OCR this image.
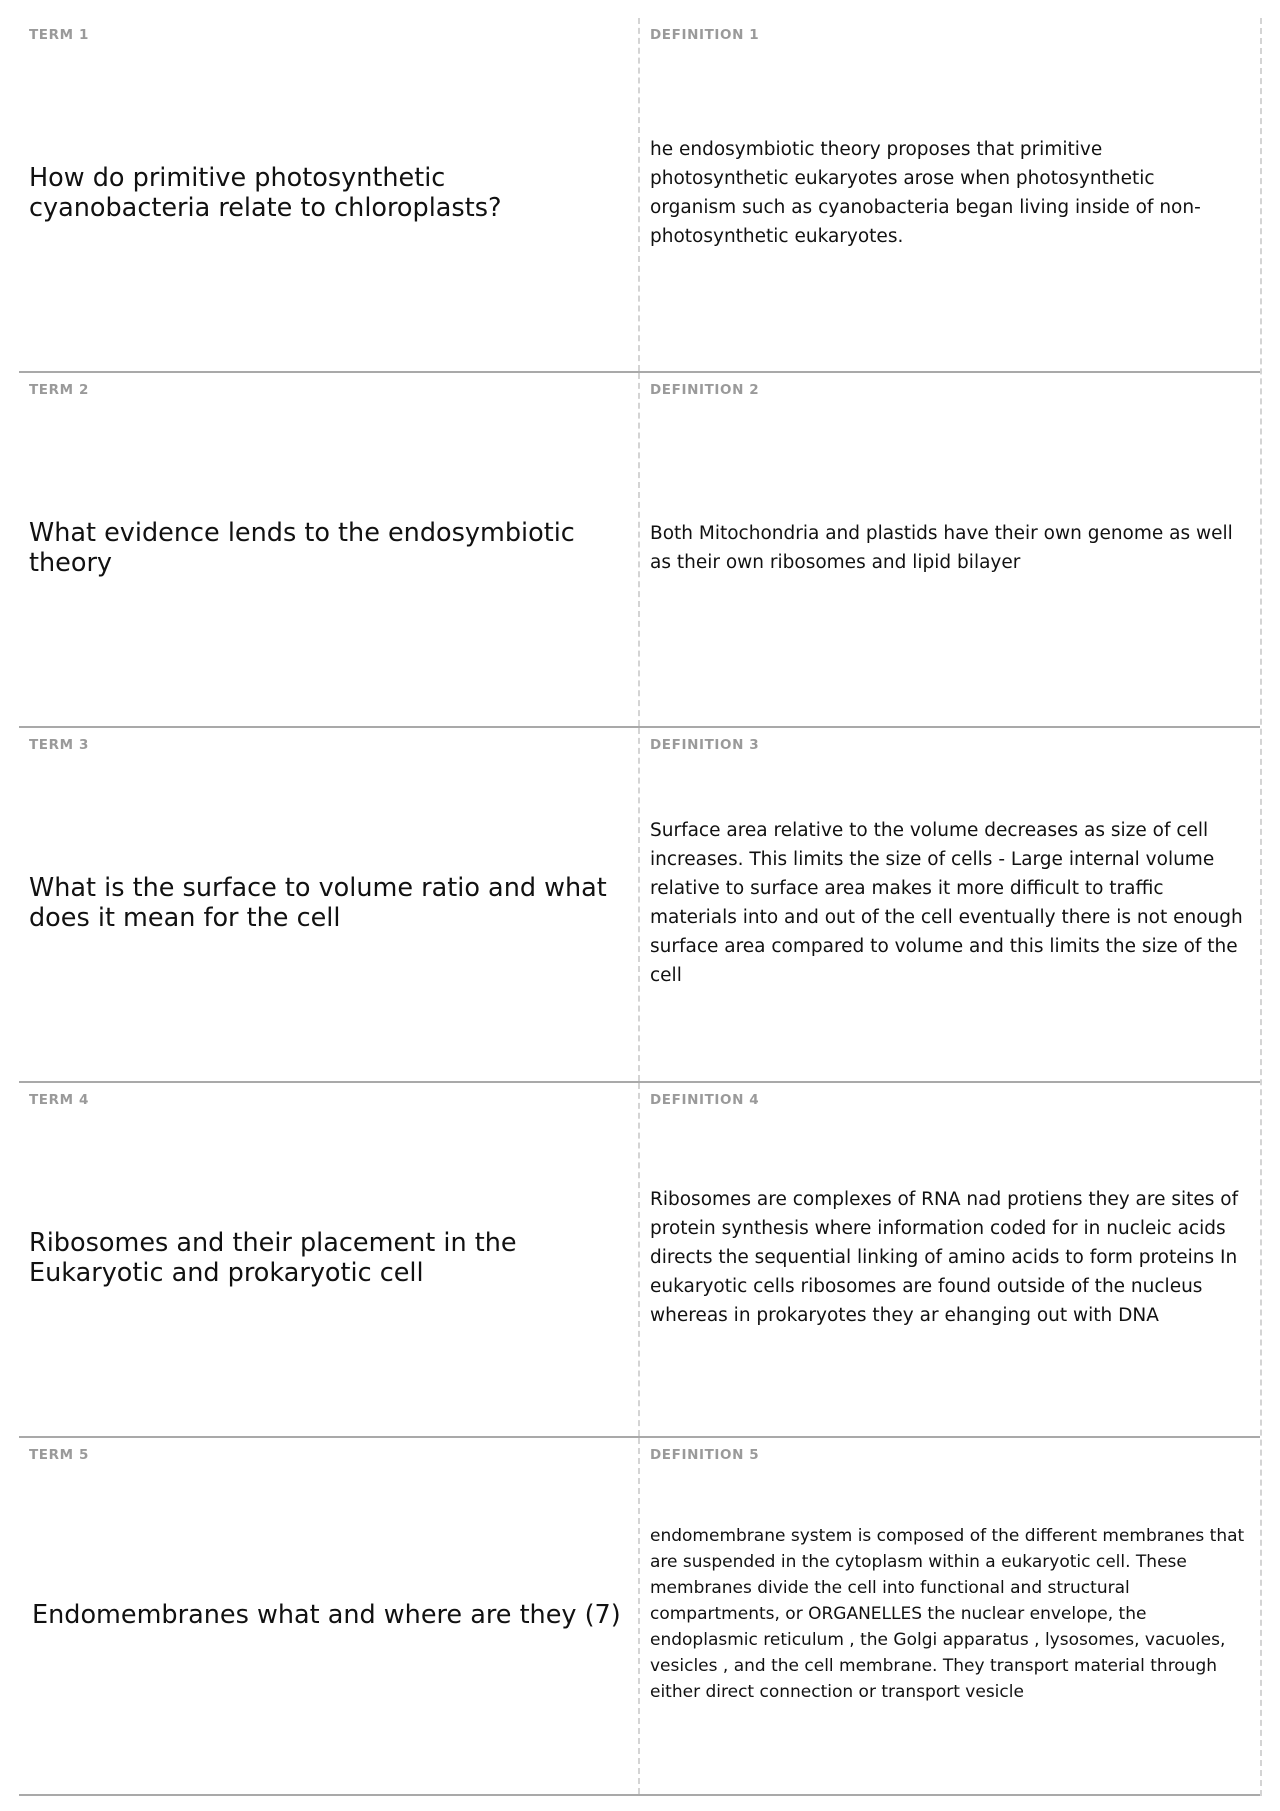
TERM 1
How do primitive photosynthetic cyanobacteria relate to chloroplasts?
DEFINITION 1
he endosymbiotic theory proposes that primitive photosynthetic eukaryotes arose when photosynthetic organism such as cyanobacteria began living inside of non-photosynthetic eukaryotes.
TERM 2
What evidence lends to the endosymbiotic theory
DEFINITION 2
Both Mitochondria and plastids have their own genome as well as their own ribosomes and lipid bilayer
TERM 3
What is the surface to volume ratio and what does it mean for the cell
DEFINITION 3
Surface area relative to the volume decreases as size of cell increases. This limits the size of cells - Large internal volume relative to surface area makes it more difficult to traffic materials into and out of the cell eventually there is not enough surface area compared to volume and this limits the size of the cell
TERM 4
Ribosomes and their placement in the Eukaryotic and prokaryotic cell
DEFINITION 4
Ribosomes are complexes of RNA nad protiens they are sites of protein synthesis where information coded for in nucleic acids directs the sequential linking of amino acids to form proteins In eukaryotic cells ribosomes are found outside of the nucleus whereas in prokaryotes they ar ehanging out with DNA
TERM 5
Endomembranes what and where are they (7)
DEFINITION 5
endomembrane system is composed of the different membranes that are suspended in the cytoplasm within a eukaryotic cell. These membranes divide the cell into functional and structural compartments, or ORGANELLES the nuclear envelope, the endoplasmic reticulum , the Golgi apparatus , lysosomes, vacuoles, vesicles , and the cell membrane. They transport material through either direct connection or transport vesicle
